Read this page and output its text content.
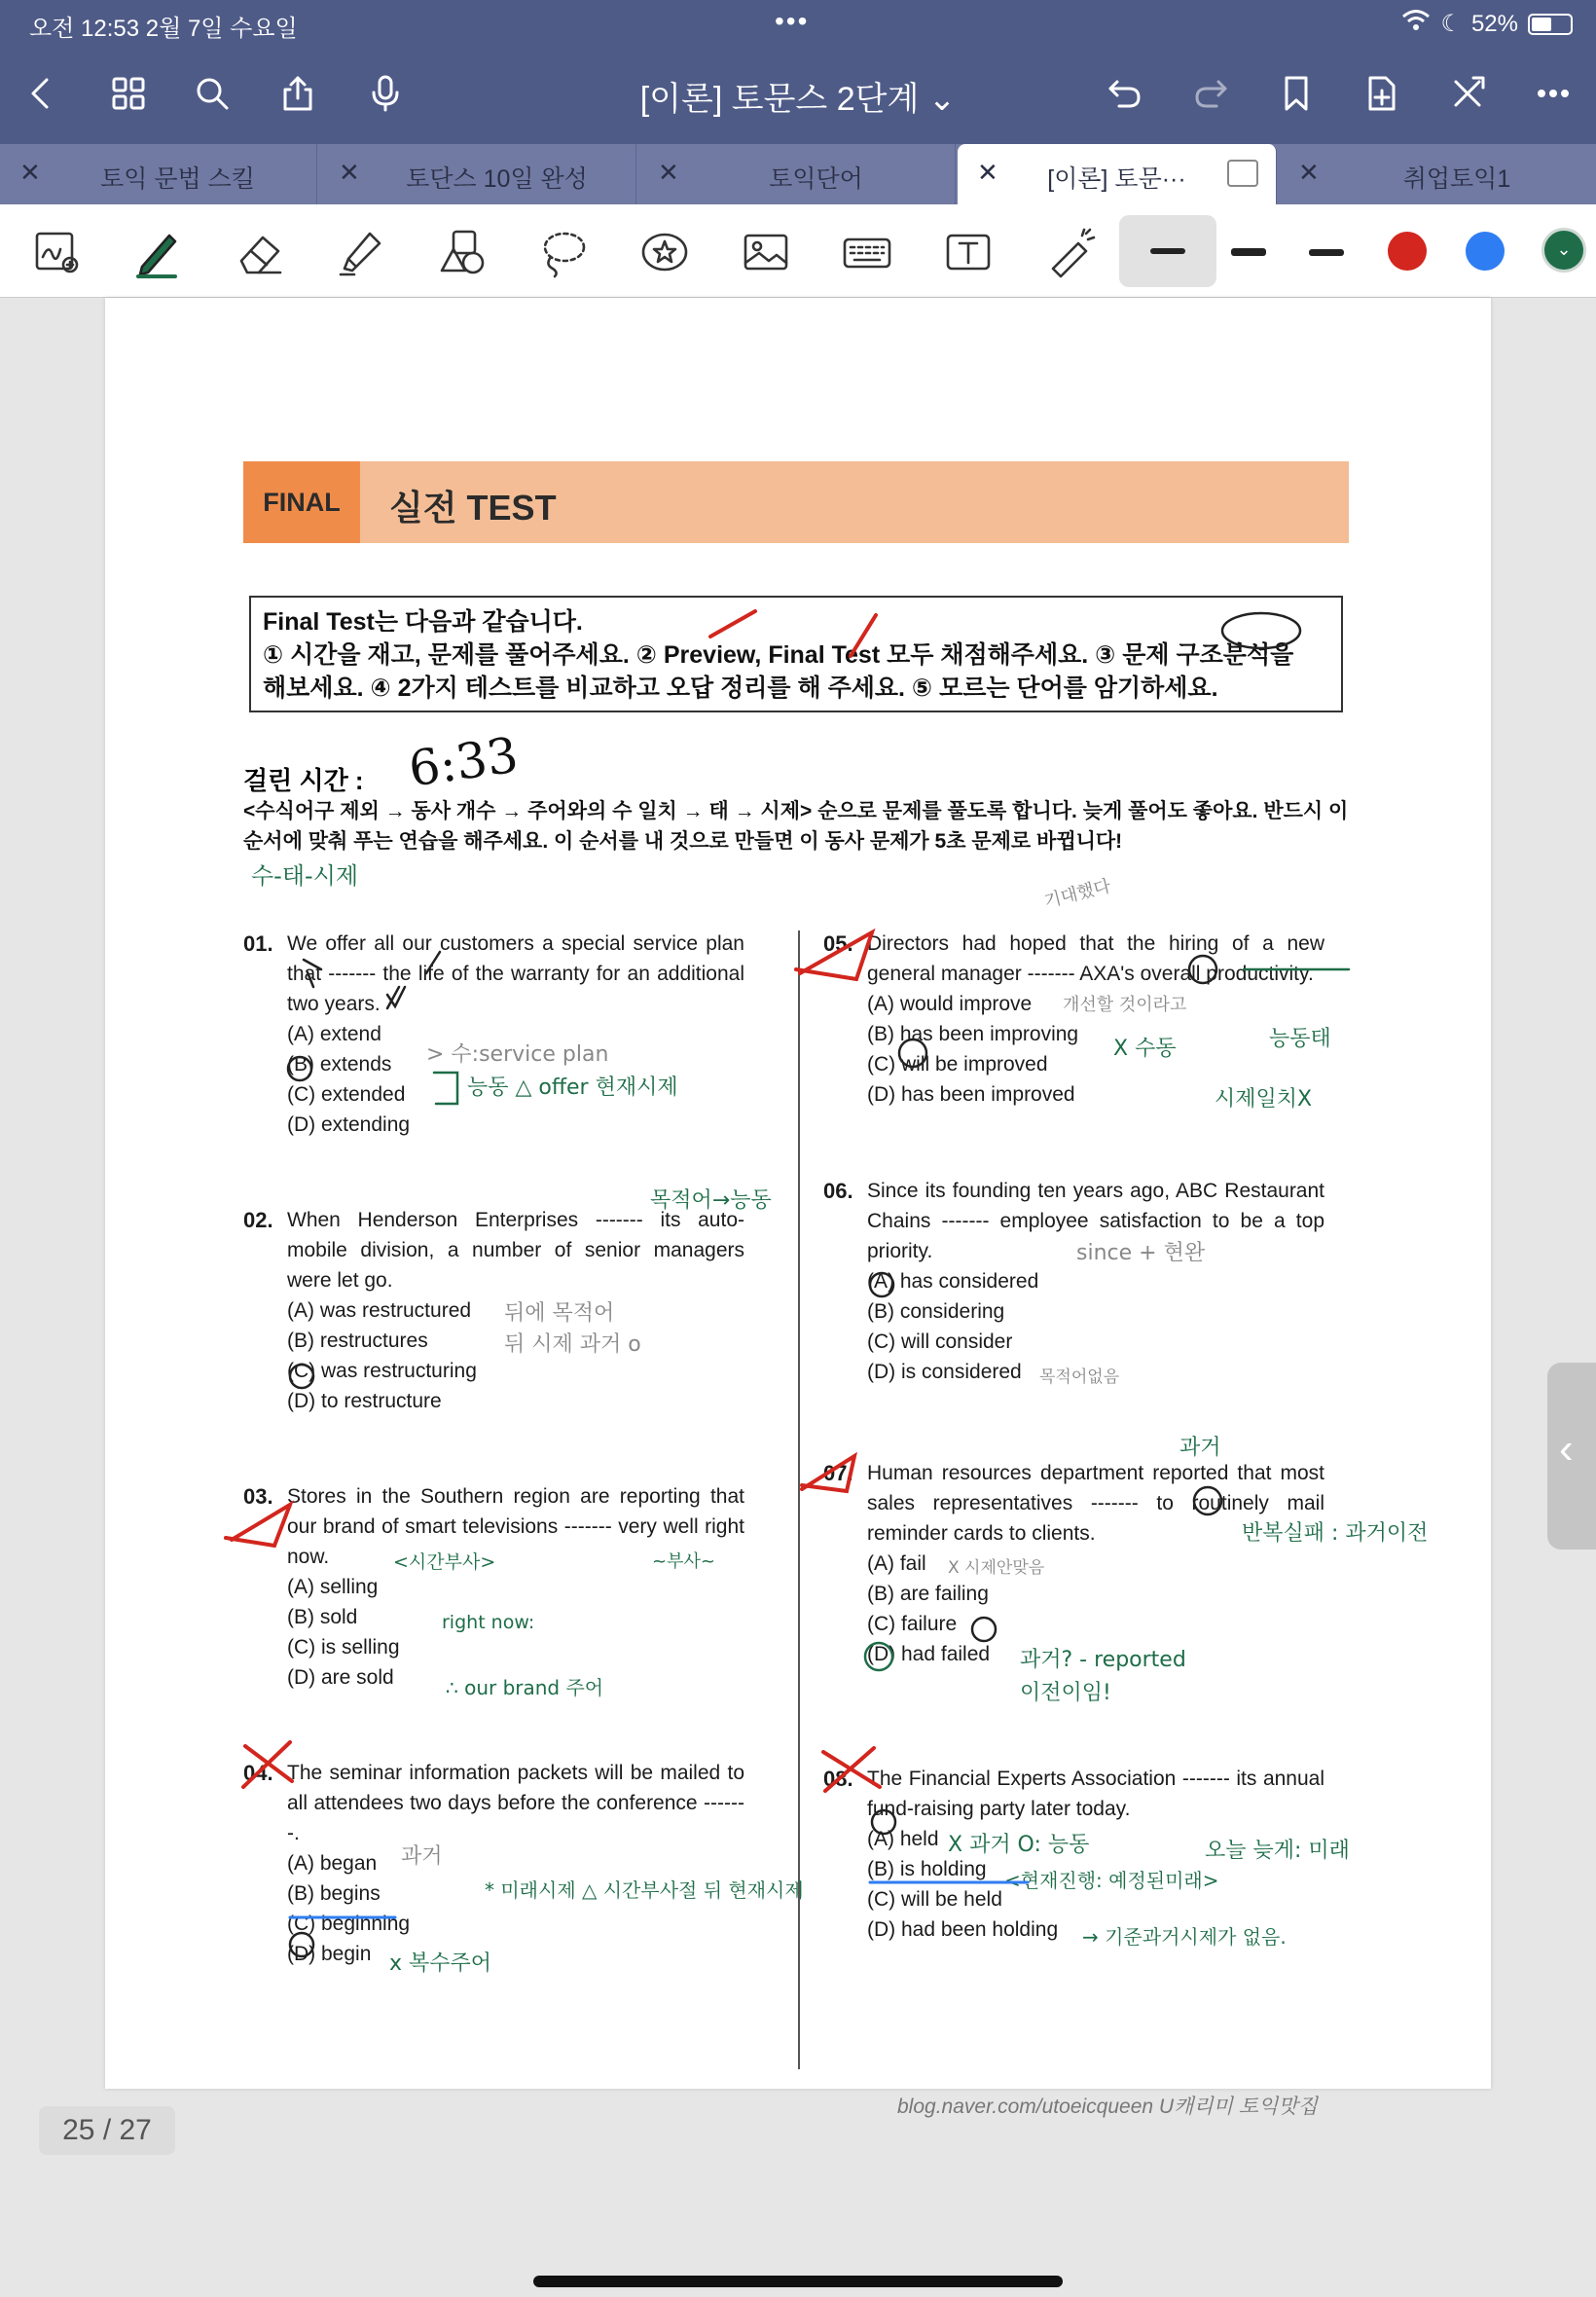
오전 12:53 2월 7일 수요일	•••	☾ 52%
[이론] 토문스 2단계 ⌄
✕	토익 문법 스킬	✕	토단스 10일 완성	✕	토익단어	✕	[이론] 토문···	✕	취업토익1
⌄
FINAL	실전 TEST
Final Test는 다음과 같습니다.
① 시간을 재고, 문제를 풀어주세요. ② Preview, Final Test 모두 채점해주세요. ③ 문제 구조분석을
해보세요. ④ 2가지 테스트를 비교하고 오답 정리를 해 주세요. ⑤ 모르는 단어를 암기하세요.
걸린 시간 : 6:33
<수식어구 제외 → 동사 개수 → 주어와의 수 일치 → 태 → 시제> 순으로 문제를 풀도록 합니다. 늦게 풀어도 좋아요. 반드시 이 순서에 맞춰 푸는 연습을 해주세요. 이 순서를 내 것으로 만들면 이 동사 문제가 5초 문제로 바뀝니다!
수-태-시제
01. We offer all our customers a special service plan that ------- the life of the warranty for an additional two years.
(A) extend
(B) extends
(C) extended
(D) extending
02. When Henderson Enterprises ------- its auto-mobile division, a number of senior managers were let go.
(A) was restructured
(B) restructures
(C) was restructuring
(D) to restructure
03. Stores in the Southern region are reporting that our brand of smart televisions ------- very well right now.
(A) selling
(B) sold
(C) is selling
(D) are sold
04. The seminar information packets will be mailed to all attendees two days before the conference -------.
(A) began
(B) begins
(C) beginning
(D) begin
05. Directors had hoped that the hiring of a new general manager ------- AXA's overall productivity.
(A) would improve
(B) has been improving
(C) will be improved
(D) has been improved
06. Since its founding ten years ago, ABC Restaurant Chains ------- employee satisfaction to be a top priority.
(A) has considered
(B) considering
(C) will consider
(D) is considered
07. Human resources department reported that most sales representatives ------- to routinely mail reminder cards to clients.
(A) fail
(B) are failing
(C) failure
(D) had failed
08. The Financial Experts Association ------- its annual fund-raising party later today.
(A) held
(B) is holding
(C) will be held
(D) had been holding
> 수:service plan
능동 △ offer 현재시제
목적어→능동
뒤에 목적어
뒤 시제 과거 o
<시간부사>	~부사~
right now:
∴ our brand 주어
과거
* 미래시제 △ 시간부사절 뒤 현재시제
x 복수주어
기대했다
개선할 것이라고
능동태
X 수동
시제일치X
since + 현완
목적어없음
과거
반복실패 : 과거이전
X 시제안맞음
과거? - reported
이전이임!
X 과거 O: 능동	오늘 늦게: 미래
<현재진행: 예정된미래>
→ 기준과거시제가 없음.
blog.naver.com/utoeicqueen U캐리미 토익맛집
25 / 27
‹
